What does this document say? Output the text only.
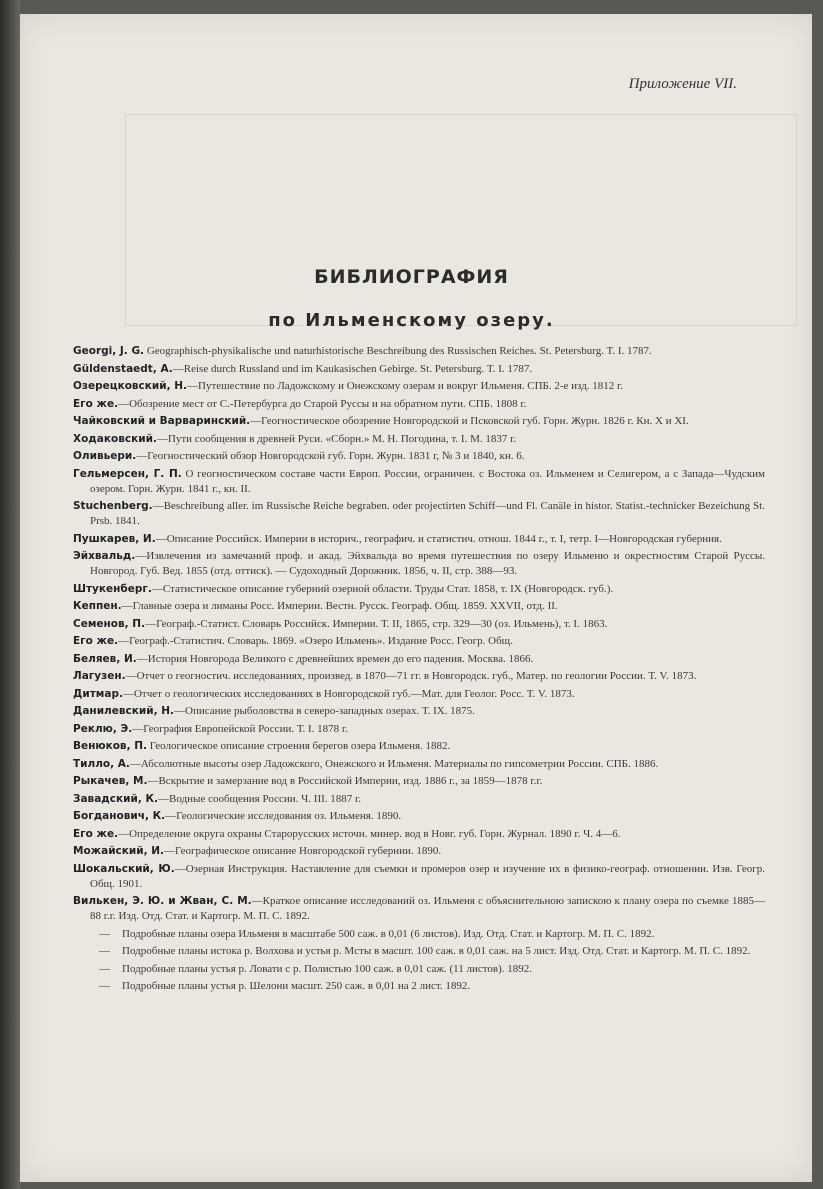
Приложение VII.
БИБЛИОГРАФИЯ
по Ильменскому озеру.

Georgi, J. G. Geographisch-physikalische und naturhistorische Beschreibung des Russischen Reiches. St. Petersburg. T. I. 1787.

Güldenstaedt, A.—Reise durch Russland und im Kaukasischen Gebirge. St. Petersburg. T. I. 1787.

Озерецковский, Н.—Путешествие по Ладожскому и Онежскому озерам и вокруг Ильменя. СПБ. 2-е изд. 1812 г.

Его же.—Обозрение мест от С.-Петербурга до Старой Руссы и на обратном пути. СПБ. 1808 г.

Чайковский и Варваринский.—Геогностическое обозрение Новгородской и Псковской губ. Горн. Журн. 1826 г. Кн. X и XI.

Ходаковский.—Пути сообщения в древней Руси. «Сборн.» М. Н. Погодина, т. I. М. 1837 г.

Оливьери.—Геогностический обзор Новгородской губ. Горн. Журн. 1831 г, № 3 и 1840, кн. 6.

Гельмерсен, Г. П. О геогностическом составе части Европ. России, ограничен. с Востока оз. Ильменем и Селигером, а с Запада—Чудским озером. Горн. Журн. 1841 г., кн. II.

Stuchenberg.—Beschreibung aller. im Russische Reiche begraben. oder projectirten Schiff—und Fl. Canäle in histor. Statist.-technicker Bezeichung St. Prsb. 1841.

Пушкарев, И.—Описание Российск. Империи в историч., географич. и статистич. отнош. 1844 г., т. I, тетр. I—Новгородская губерния.

Эйхвальд.—Извлечения из замечаний проф. и акад. Эйхвальда во время путешествия по озеру Ильменю и окрестностям Старой Руссы. Новгород. Губ. Вед. 1855 (отд. оттиск). — Судоходный Дорожник. 1856, ч. II, стр. 388—93.

Штукенберг.—Статистическое описание губерний озерной области. Труды Стат. 1858, т. IX (Новгородск. губ.).

Кеппен.—Главные озера и лиманы Росс. Империи. Вестн. Русск. Географ. Общ. 1859. XXVII, отд. II.

Семенов, П.—Географ.-Статист. Словарь Российск. Империи. Т. II, 1865, стр. 329—30 (оз. Ильмень), т. I. 1863.

Его же.—Географ.-Статистич. Словарь. 1869. «Озеро Ильмень». Издание Росс. Геогр. Общ.

Беляев, И.—История Новгорода Великого с древнейших времен до его падения. Москва. 1866.

Лагузен.—Отчет о геогностич. исследованиях, произвед. в 1870—71 гг. в Новгородск. губ., Матер. по геологии России. Т. V. 1873.

Дитмар.—Отчет о геологических исследованиях в Новгородской губ.—Мат. для Геолог. Росс. Т. V. 1873.

Данилевский, Н.—Описание рыболовства в северо-западных озерах. Т. IX. 1875.

Реклю, Э.—География Европейской России. Т. I. 1878 г.

Венюков, П. Геологическое описание строения берегов озера Ильменя. 1882.

Тилло, А.—Абсолютные высоты озер Ладожского, Онежского и Ильменя. Материалы по гипсометрии России. СПБ. 1886.

Рыкачев, М.—Вскрытие и замерзание вод в Российской Империи, изд. 1886 г., за 1859—1878 г.г.

Завадский, К.—Водные сообщения России. Ч. III. 1887 г.

Богданович, К.—Геологические исследования оз. Ильменя. 1890.

Его же.—Определение округа охраны Старорусских источн. минер. вод в Новг. губ. Горн. Журнал. 1890 г. Ч. 4—6.

Можайский, И.—Географическое описание Новгородской губернии. 1890.

Шокальский, Ю.—Озерная Инструкция. Наставление для съемки и промеров озер и изучение их в физико-географ. отношении. Изв. Геогр. Общ. 1901.

Вилькен, Э. Ю. и Жван, С. М.—Краткое описание исследований оз. Ильменя с объяснительною запискою к плану озера по съемке 1885—88 г.г. Изд. Отд. Стат. и Картогр. М. П. С. 1892.

— Подробные планы озера Ильменя в масштабе 500 саж. в 0,01 (6 листов). Изд. Отд. Стат. и Картогр. М. П. С. 1892.

— Подробные планы истока р. Волхова и устья р. Мсты в масшт. 100 саж. в 0,01 саж. на 5 лист. Изд. Отд. Стат. и Картогр. М. П. С. 1892.

— Подробные планы устья р. Ловати с р. Полистью 100 саж. в 0,01 саж. (11 листов). 1892.

— Подробные планы устья р. Шелони масшт. 250 саж. в 0,01 на 2 лист. 1892.
